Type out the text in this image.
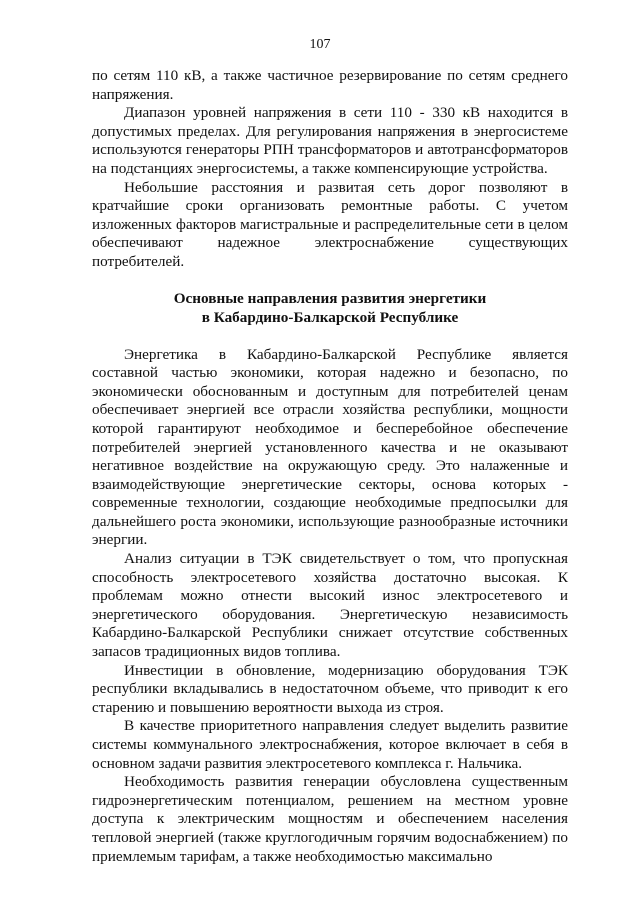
107

по сетям 110 кВ, а также частичное резервирование по сетям среднего напряжения.

Диапазон уровней напряжения в сети 110 - 330 кВ находится в допустимых пределах. Для регулирования напряжения в энергосистеме используются генераторы РПН трансформаторов и автотрансформаторов на подстанциях энергосистемы, а также компенсирующие устройства.

Небольшие расстояния и развитая сеть дорог позволяют в кратчайшие сроки организовать ремонтные работы. С учетом изложенных факторов магистральные и распределительные сети в целом обеспечивают надежное электроснабжение существующих потребителей.

Основные направления развития энергетики
в Кабардино-Балкарской Республике

Энергетика в Кабардино-Балкарской Республике является составной частью экономики, которая надежно и безопасно, по экономически обоснованным и доступным для потребителей ценам обеспечивает энергией все отрасли хозяйства республики, мощности которой гарантируют необходимое и бесперебойное обеспечение потребителей энергией установленного качества и не оказывают негативное воздействие на окружающую среду. Это налаженные и взаимодействующие энергетические секторы, основа которых - современные технологии, создающие необходимые предпосылки для дальнейшего роста экономики, использующие разнообразные источники энергии.

Анализ ситуации в ТЭК свидетельствует о том, что пропускная способность электросетевого хозяйства достаточно высокая. К проблемам можно отнести высокий износ электросетевого и энергетического оборудования. Энергетическую независимость Кабардино-Балкарской Республики снижает отсутствие собственных запасов традиционных видов топлива.

Инвестиции в обновление, модернизацию оборудования ТЭК республики вкладывались в недостаточном объеме, что приводит к его старению и повышению вероятности выхода из строя.

В качестве приоритетного направления следует выделить развитие системы коммунального электроснабжения, которое включает в себя в основном задачи развития электросетевого комплекса г. Нальчика.

Необходимость развития генерации обусловлена существенным гидроэнергетическим потенциалом, решением на местном уровне доступа к электрическим мощностям и обеспечением населения тепловой энергией (также круглогодичным горячим водоснабжением) по приемлемым тарифам, а также необходимостью максимально
